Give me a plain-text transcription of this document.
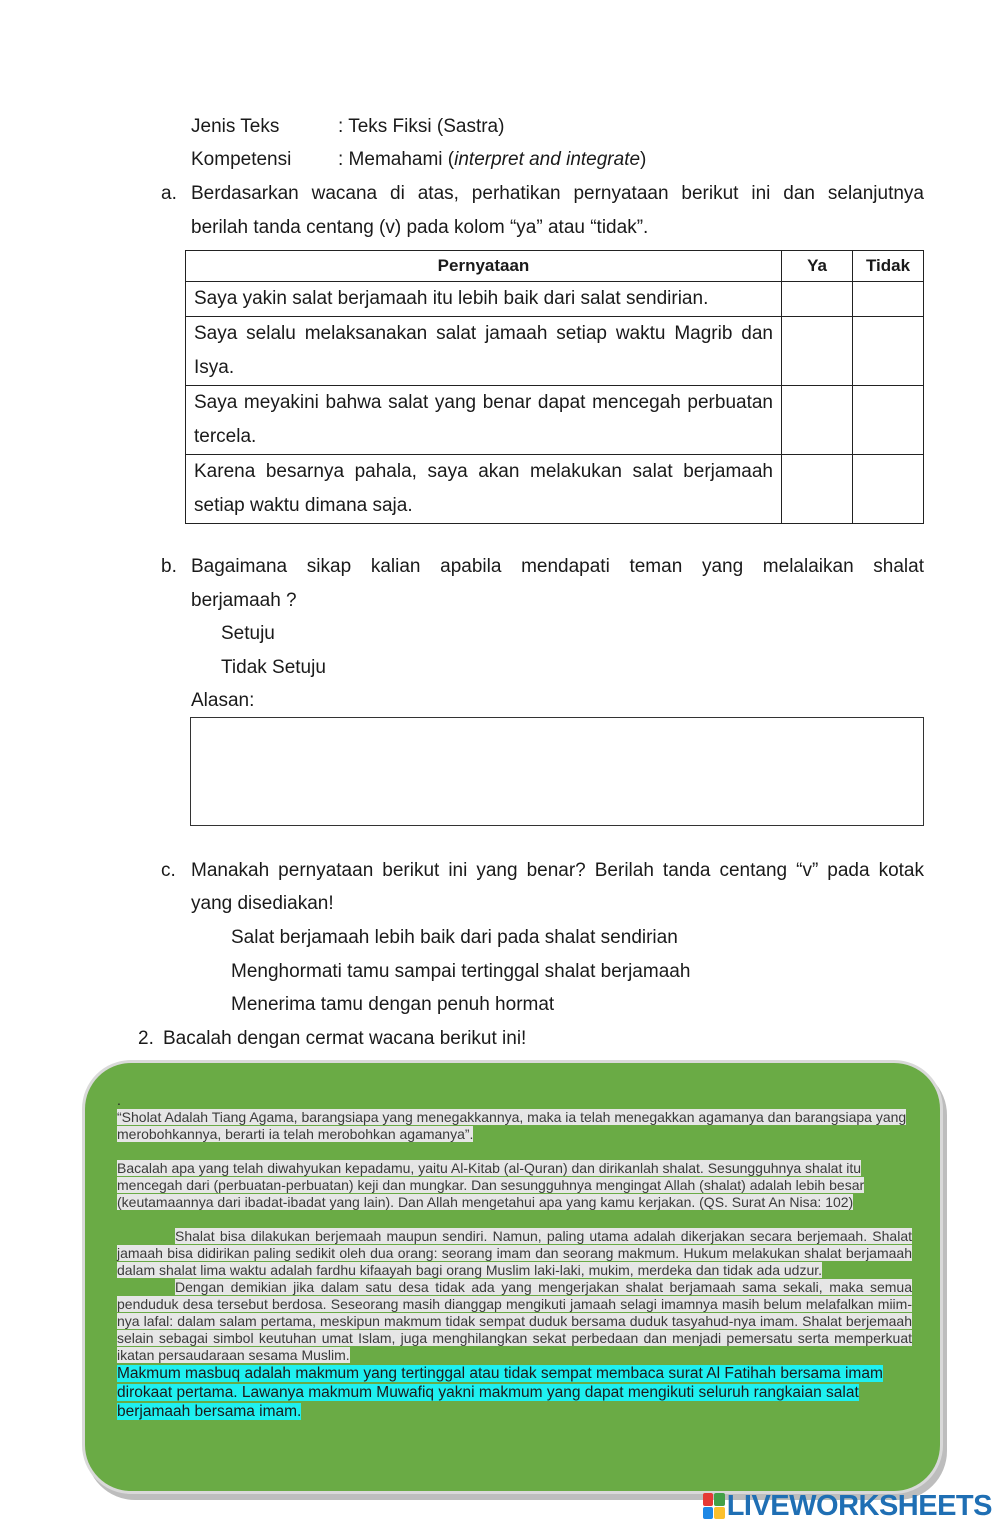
Jenis Teks	: Teks Fiksi (Sastra)
Kompetensi : Memahami (interpret and integrate)
a. Berdasarkan wacana di atas, perhatikan pernyataan berikut ini dan selanjutnya
berilah tanda centang (v) pada kolom “ya” atau “tidak”.
Pernyataan	Ya	Tidak
Saya yakin salat berjamaah itu lebih baik dari salat sendirian.		
Saya selalu melaksanakan salat jamaah setiap waktu Magrib dan Isya.		
Saya meyakini bahwa salat yang benar dapat mencegah perbuatan tercela.		
Karena besarnya pahala, saya akan melakukan salat berjamaah setiap waktu dimana saja.		
b. Bagaimana sikap kalian apabila mendapati teman yang melalaikan shalat
berjamaah ?
Setuju
Tidak Setuju
Alasan:
c. Manakah pernyataan berikut ini yang benar? Berilah tanda centang “v” pada kotak
yang disediakan!
Salat berjamaah lebih baik dari pada shalat sendirian
Menghormati tamu sampai tertinggal shalat berjamaah
Menerima tamu dengan penuh hormat
2. Bacalah dengan cermat wacana berikut ini!

.

“Sholat Adalah Tiang Agama, barangsiapa yang menegakkannya, maka ia telah menegakkan agamanya dan barangsiapa yang merobohkannya, berarti ia telah merobohkan agamanya”.

Bacalah apa yang telah diwahyukan kepadamu, yaitu Al-Kitab (al-Quran) dan dirikanlah shalat. Sesungguhnya shalat itu mencegah dari (perbuatan-perbuatan) keji dan mungkar. Dan sesungguhnya mengingat Allah (shalat) adalah lebih besar (keutamaannya dari ibadat-ibadat yang lain). Dan Allah mengetahui apa yang kamu kerjakan. (QS. Surat An Nisa: 102)

Shalat bisa dilakukan berjemaah maupun sendiri. Namun, paling utama adalah dikerjakan secara berjemaah. Shalat jamaah bisa didirikan paling sedikit oleh dua orang: seorang imam dan seorang makmum. Hukum melakukan shalat berjamaah dalam shalat lima waktu adalah fardhu kifaayah bagi orang Muslim laki-laki, mukim, merdeka dan tidak ada udzur.

Dengan demikian jika dalam satu desa tidak ada yang mengerjakan shalat berjamaah sama sekali, maka semua penduduk desa tersebut berdosa. Seseorang masih dianggap mengikuti jamaah selagi imamnya masih belum melafalkan miim-nya lafal: dalam salam pertama, meskipun makmum tidak sempat duduk bersama duduk tasyahud-nya imam. Shalat berjemaah selain sebagai simbol keutuhan umat Islam, juga menghilangkan sekat perbedaan dan menjadi pemersatu serta memperkuat ikatan persaudaraan sesama Muslim.

Makmum masbuq adalah makmum yang tertinggal atau tidak sempat membaca surat Al Fatihah bersama imam dirokaat pertama. Lawanya makmum Muwafiq yakni makmum yang dapat mengikuti seluruh rangkaian salat berjamaah bersama imam.

LIVEWORKSHEETS
